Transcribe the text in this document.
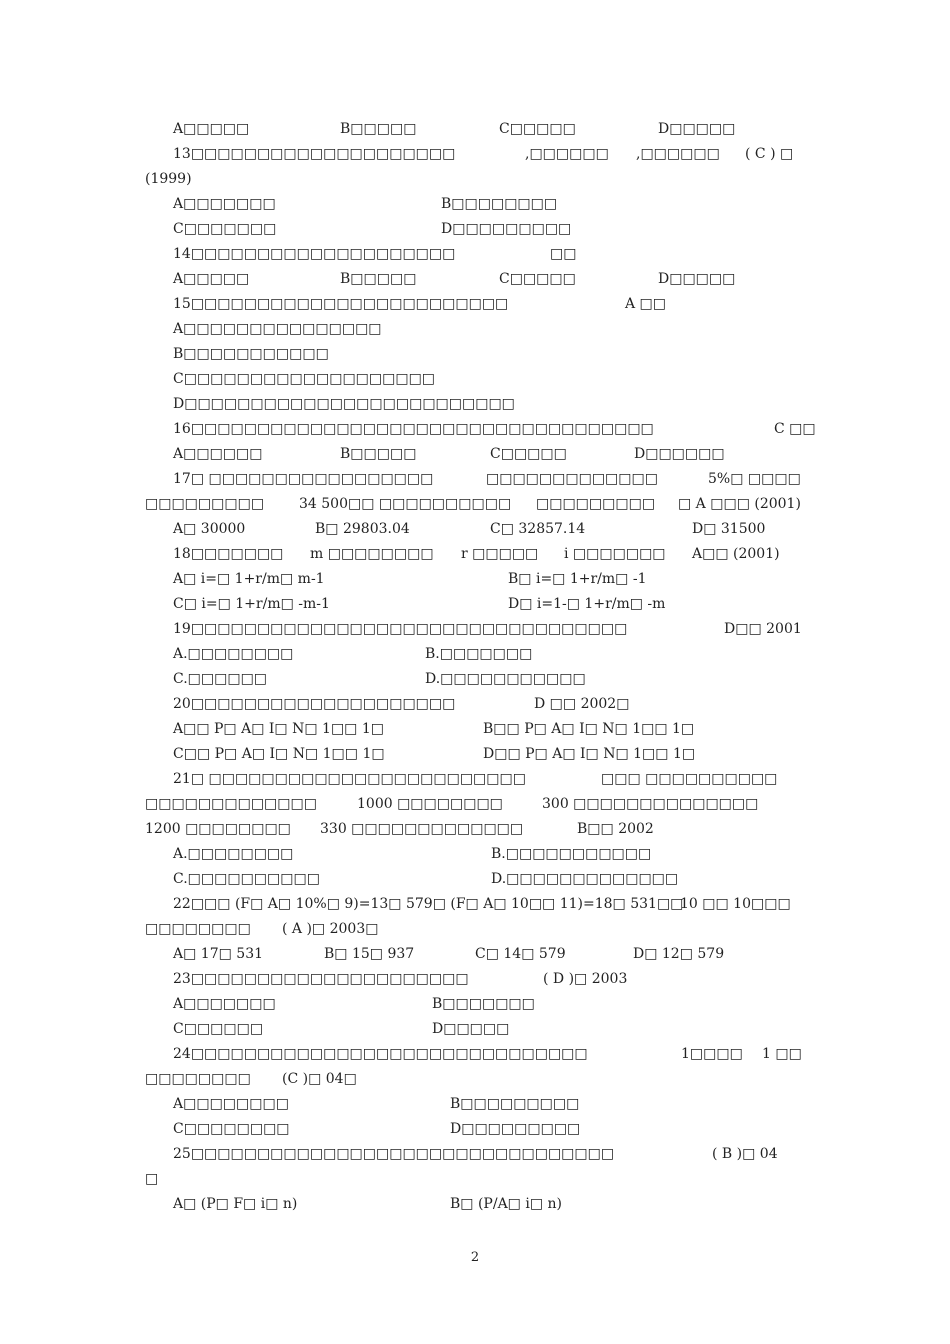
A□□□□□	B□□□□□	C□□□□□	D□□□□□
13□□□□□□□□□□□□□□□□□□□□	,□□□□□□ ,□□□□□□ ( C ) □
(1999)
A□□□□□□□	B□□□□□□□□
C□□□□□□□	D□□□□□□□□□
14□□□□□□□□□□□□□□□□□□□□	□□
A□□□□□	B□□□□□	C□□□□□	D□□□□□
15□□□□□□□□□□□□□□□□□□□□□□□□	A □□
A□□□□□□□□□□□□□□□
B□□□□□□□□□□□
C□□□□□□□□□□□□□□□□□□□
D□□□□□□□□□□□□□□□□□□□□□□□□□
16□□□□□□□□□□□□□□□□□□□□□□□□□□□□□□□□□□□	C □□
A□□□□□□	B□□□□□	C□□□□□	D□□□□□□
17□ □□□□□□□□□□□□□□□□□	□□□□□□□□□□□□□	5%□ □□□□
□□□□□□□□□ 34 500□□ □□□□□□□□□□ □□□□□□□□□ □ A □□□ (2001)
A□ 30000	B□ 29803.04	C□ 32857.14	D□ 31500
18□□□□□□□ m □□□□□□□□ r □□□□□ i □□□□□□□ A□□ (2001)
A□ i=□ 1+r/m□ m-1	B□ i=□ 1+r/m□ -1
C□ i=□ 1+r/m□ -m-1	D□ i=1-□ 1+r/m□ -m
19□□□□□□□□□□□□□□□□□□□□□□□□□□□□□□□□□	D□□ 2001
A.□□□□□□□□	B.□□□□□□□
C.□□□□□□	D.□□□□□□□□□□□
20□□□□□□□□□□□□□□□□□□□□	D □□ 2002□
A□□ P□ A□ I□ N□ 1□□ 1□	B□□ P□ A□ I□ N□ 1□□ 1□
C□□ P□ A□ I□ N□ 1□□ 1□	D□□ P□ A□ I□ N□ 1□□ 1□
21□ □□□□□□□□□□□□□□□□□□□□□□□□	□□□ □□□□□□□□□□
□□□□□□□□□□□□□	1000 □□□□□□□□	300 □□□□□□□□□□□□□□
1200 □□□□□□□□ 330 □□□□□□□□□□□□□	B□□ 2002
A.□□□□□□□□	B.□□□□□□□□□□□
C.□□□□□□□□□□	D.□□□□□□□□□□□□□
22□□□ (F□ A□ 10%□ 9)=13□ 579□ (F□ A□ 10□□ 11)=18□ 531□□
10 □□ 10□□□
□□□□□□□□ ( A )□ 2003□
A□ 17□ 531	B□ 15□ 937	C□ 14□ 579	D□ 12□ 579
23□□□□□□□□□□□□□□□□□□□□□	( D )□ 2003
A□□□□□□□	B□□□□□□□
C□□□□□□	D□□□□□
24□□□□□□□□□□□□□□□□□□□□□□□□□□□□□□	1□□□□ 1 □□
□□□□□□□□ (C )□ 04□
A□□□□□□□□	B□□□□□□□□□
C□□□□□□□□	D□□□□□□□□□
25□□□□□□□□□□□□□□□□□□□□□□□□□□□□□□□□	( B )□ 04
□
A□ (P□ F□ i□ n)	B□ (P/A□ i□ n)
2
